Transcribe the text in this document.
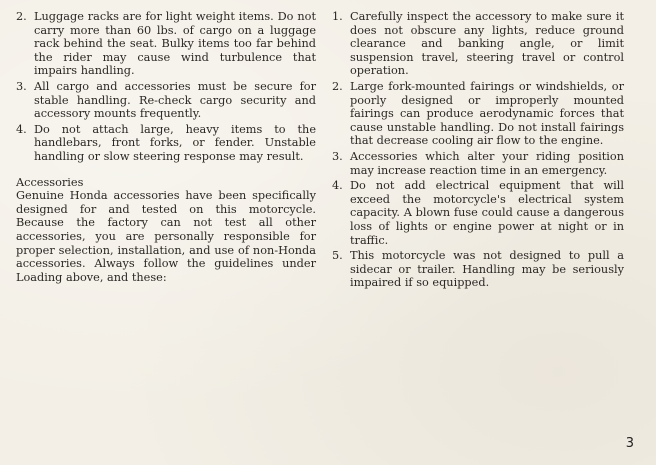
2. Luggage racks are for light weight items. Do not carry more than 60 lbs. of cargo on a luggage rack behind the seat. Bulky items too far behind the rider may cause wind turbulence that impairs handling.
3. All cargo and accessories must be secure for stable handling. Re-check cargo security and accessory mounts frequently.
4. Do not attach large, heavy items to the handlebars, front forks, or fender. Unstable handling or slow steering response may result.

Accessories

Genuine Honda accessories have been specifically designed for and tested on this motorcycle. Because the factory can not test all other accessories, you are personally responsible for proper selection, installation, and use of non-Honda accessories. Always follow the guidelines under Loading above, and these:

1. Carefully inspect the accessory to make sure it does not obscure any lights, reduce ground clearance and banking angle, or limit suspension travel, steering travel or control operation.
2. Large fork-mounted fairings or windshields, or poorly designed or improperly mounted fairings can produce aerodynamic forces that cause unstable handling. Do not install fairings that decrease cooling air flow to the engine.
3. Accessories which alter your riding position may increase reaction time in an emergency.
4. Do not add electrical equipment that will exceed the motorcycle's electrical system capacity. A blown fuse could cause a dangerous loss of lights or engine power at night or in traffic.
5. This motorcycle was not designed to pull a sidecar or trailer. Handling may be seriously impaired if so equipped.
3
